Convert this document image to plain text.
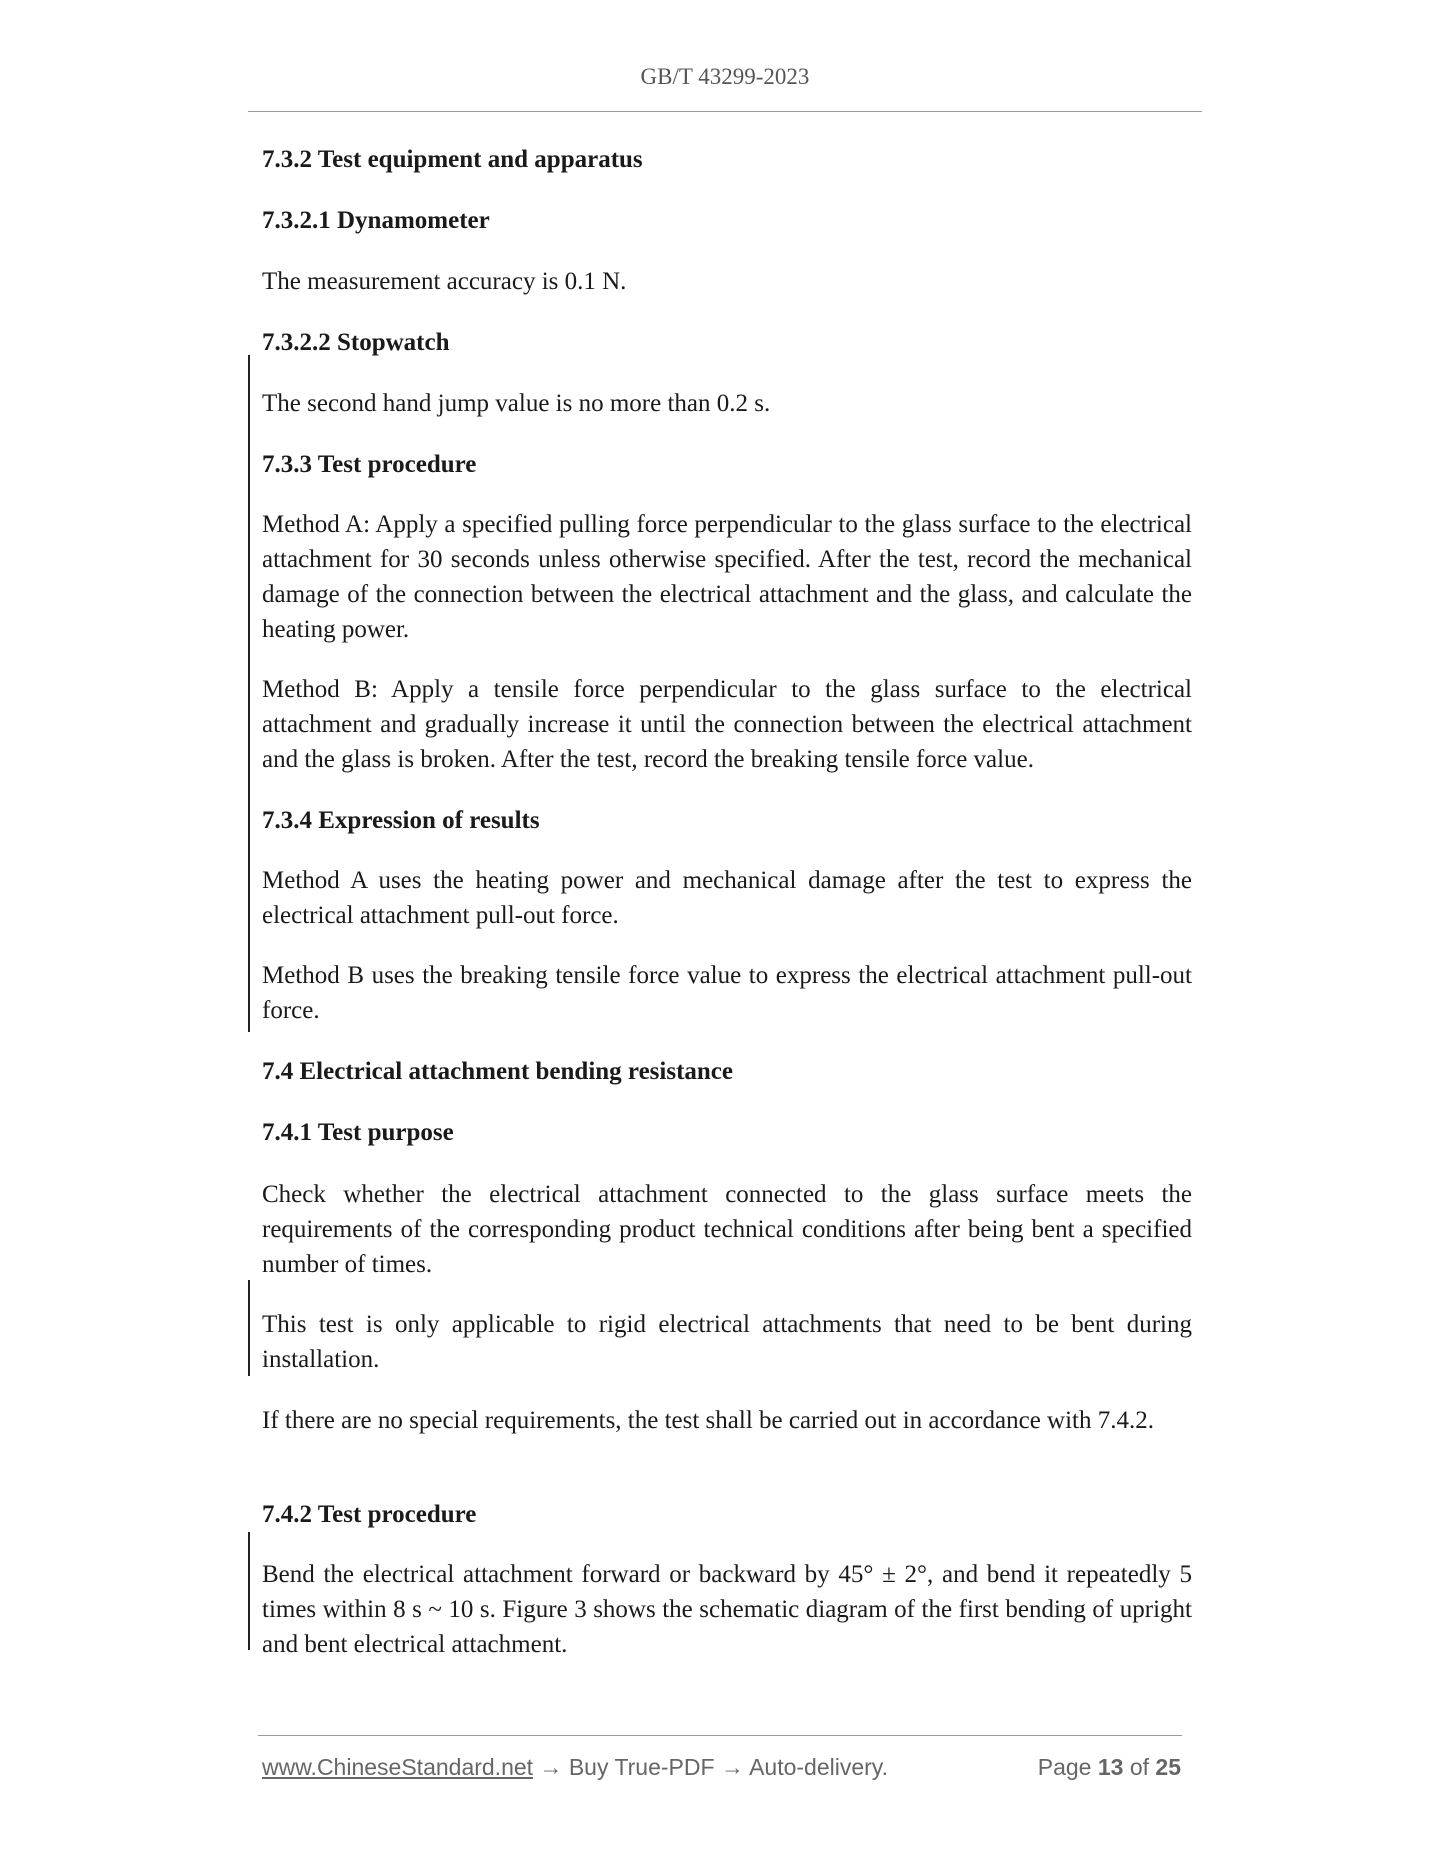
GB/T 43299-2023
7.3.2 Test equipment and apparatus
7.3.2.1 Dynamometer
The measurement accuracy is 0.1 N.
7.3.2.2 Stopwatch
The second hand jump value is no more than 0.2 s.
7.3.3 Test procedure
Method A: Apply a specified pulling force perpendicular to the glass surface to the electrical attachment for 30 seconds unless otherwise specified. After the test, record the mechanical damage of the connection between the electrical attachment and the glass, and calculate the heating power.
Method B: Apply a tensile force perpendicular to the glass surface to the electrical attachment and gradually increase it until the connection between the electrical attachment and the glass is broken. After the test, record the breaking tensile force value.
7.3.4 Expression of results
Method A uses the heating power and mechanical damage after the test to express the electrical attachment pull-out force.
Method B uses the breaking tensile force value to express the electrical attachment pull-out force.
7.4 Electrical attachment bending resistance
7.4.1 Test purpose
Check whether the electrical attachment connected to the glass surface meets the requirements of the corresponding product technical conditions after being bent a specified number of times.
This test is only applicable to rigid electrical attachments that need to be bent during installation.
If there are no special requirements, the test shall be carried out in accordance with 7.4.2.
7.4.2 Test procedure
Bend the electrical attachment forward or backward by 45° ± 2°, and bend it repeatedly 5 times within 8 s ~ 10 s. Figure 3 shows the schematic diagram of the first bending of upright and bent electrical attachment.
www.ChineseStandard.net → Buy True-PDF → Auto-delivery.	Page 13 of 25
